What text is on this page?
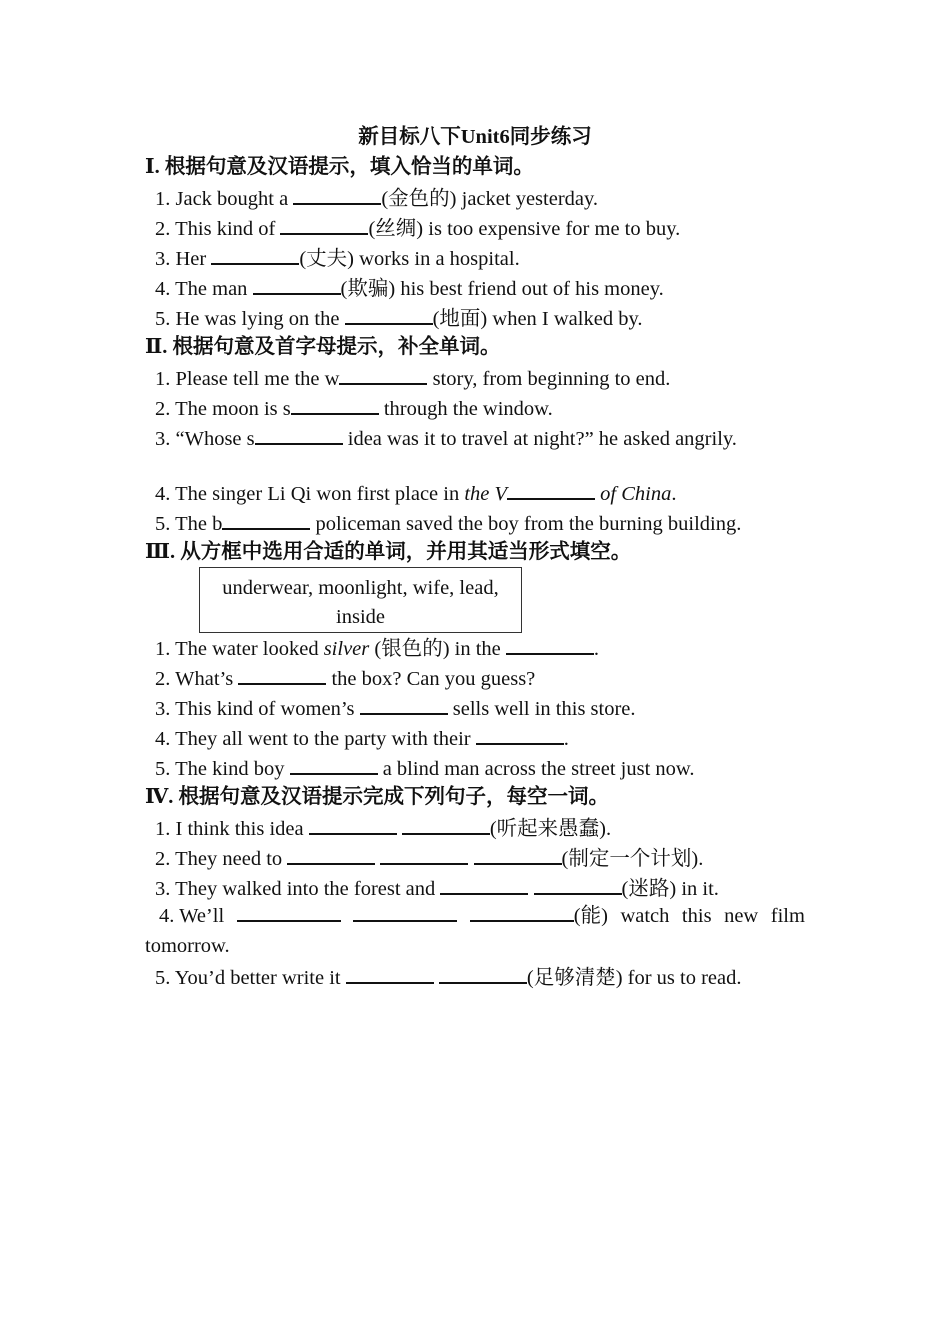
新目标八下Unit6同步练习
Ⅰ. 根据句意及汉语提示，填入恰当的单词。
1. Jack bought a	(金色的) jacket yesterday.
2. This kind of	(丝绸) is too expensive for me to buy.
3. Her	(丈夫) works in a hospital.
4. The man	(欺骗) his best friend out of his money.
5. He was lying on the	(地面) when I walked by.
Ⅱ. 根据句意及首字母提示，补全单词。
1. Please tell me the w	story, from beginning to end.
2. The moon is s	through the window.
3. “Whose s	idea was it to travel at night?” he asked angrily.
4. The singer Li Qi won first place in the V	of China.
5. The b	policeman saved the boy from the burning building.
Ⅲ. 从方框中选用合适的单词，并用其适当形式填空。
underwear, moonlight, wife, lead,
inside
1. The water looked silver (银色的) in the	.
2. What’s	the box? Can you guess?
3. This kind of women’s	sells well in this store.
4. They all went to the party with their	.
5. The kind boy	a blind man across the street just now.
Ⅳ. 根据句意及汉语提示完成下列句子，每空一词。
1. I think this idea	(听起来愚蠢).
2. They need to	(制定一个计划).
3. They walked into the forest and	(迷路) in it.
4. We’ll	(能) watch this new film
tomorrow.
5. You’d better write it	(足够清楚) for us to read.
